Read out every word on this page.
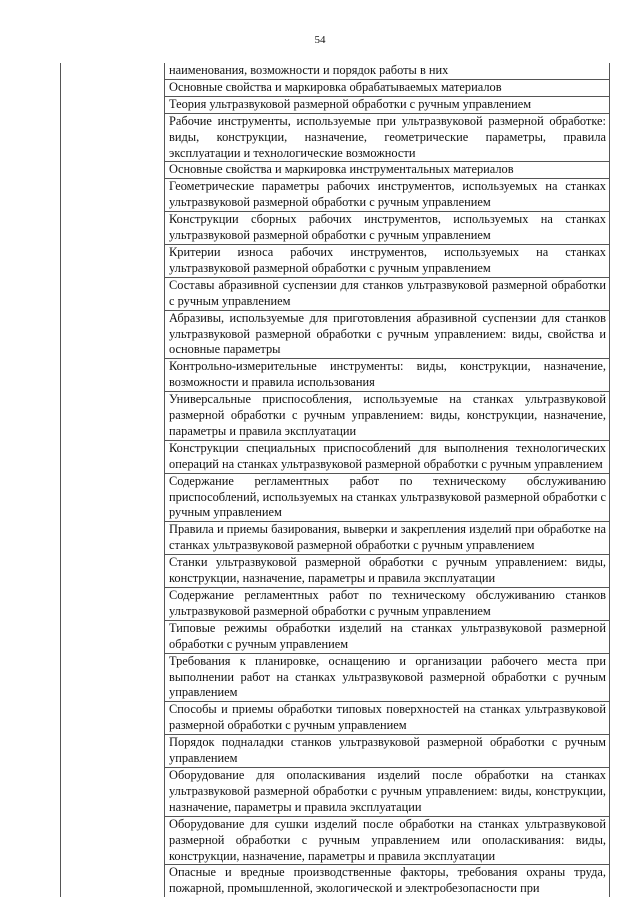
54
	наименования, возможности и порядок работы в них
Основные свойства и маркировка обрабатываемых материалов
Теория ультразвуковой размерной обработки с ручным управлением
Рабочие инструменты, используемые при ультразвуковой размерной обработке: виды, конструкции, назначение, геометрические параметры, правила эксплуатации и технологические возможности
Основные свойства и маркировка инструментальных материалов
Геометрические параметры рабочих инструментов, используемых на станках ультразвуковой размерной обработки с ручным управлением
Конструкции сборных рабочих инструментов, используемых на станках ультразвуковой размерной обработки с ручным управлением
Критерии износа рабочих инструментов, используемых на станках ультразвуковой размерной обработки с ручным управлением
Составы абразивной суспензии для станков ультразвуковой размерной обработки с ручным управлением
Абразивы, используемые для приготовления абразивной суспензии для станков ультразвуковой размерной обработки с ручным управлением: виды, свойства и основные параметры
Контрольно-измерительные инструменты: виды, конструкции, назначение, возможности и правила использования
Универсальные приспособления, используемые на станках ультразвуковой размерной обработки с ручным управлением: виды, конструкции, назначение, параметры и правила эксплуатации
Конструкции специальных приспособлений для выполнения технологических операций на станках ультразвуковой размерной обработки с ручным управлением
Содержание регламентных работ по техническому обслуживанию приспособлений, используемых на станках ультразвуковой размерной обработки с ручным управлением
Правила и приемы базирования, выверки и закрепления изделий при обработке на станках ультразвуковой размерной обработки с ручным управлением
Станки ультразвуковой размерной обработки с ручным управлением: виды, конструкции, назначение, параметры и правила эксплуатации
Содержание регламентных работ по техническому обслуживанию станков ультразвуковой размерной обработки с ручным управлением
Типовые режимы обработки изделий на станках ультразвуковой размерной обработки с ручным управлением
Требования к планировке, оснащению и организации рабочего места при выполнении работ на станках ультразвуковой размерной обработки с ручным управлением
Способы и приемы обработки типовых поверхностей на станках ультразвуковой размерной обработки с ручным управлением
Порядок подналадки станков ультразвуковой размерной обработки с ручным управлением
Оборудование для ополаскивания изделий после обработки на станках ультразвуковой размерной обработки с ручным управлением: виды, конструкции, назначение, параметры и правила эксплуатации
Оборудование для сушки изделий после обработки на станках ультразвуковой размерной обработки с ручным управлением или ополаскивания: виды, конструкции, назначение, параметры и правила эксплуатации
Опасные и вредные производственные факторы, требования охраны труда, пожарной, промышленной, экологической и электробезопасности при
